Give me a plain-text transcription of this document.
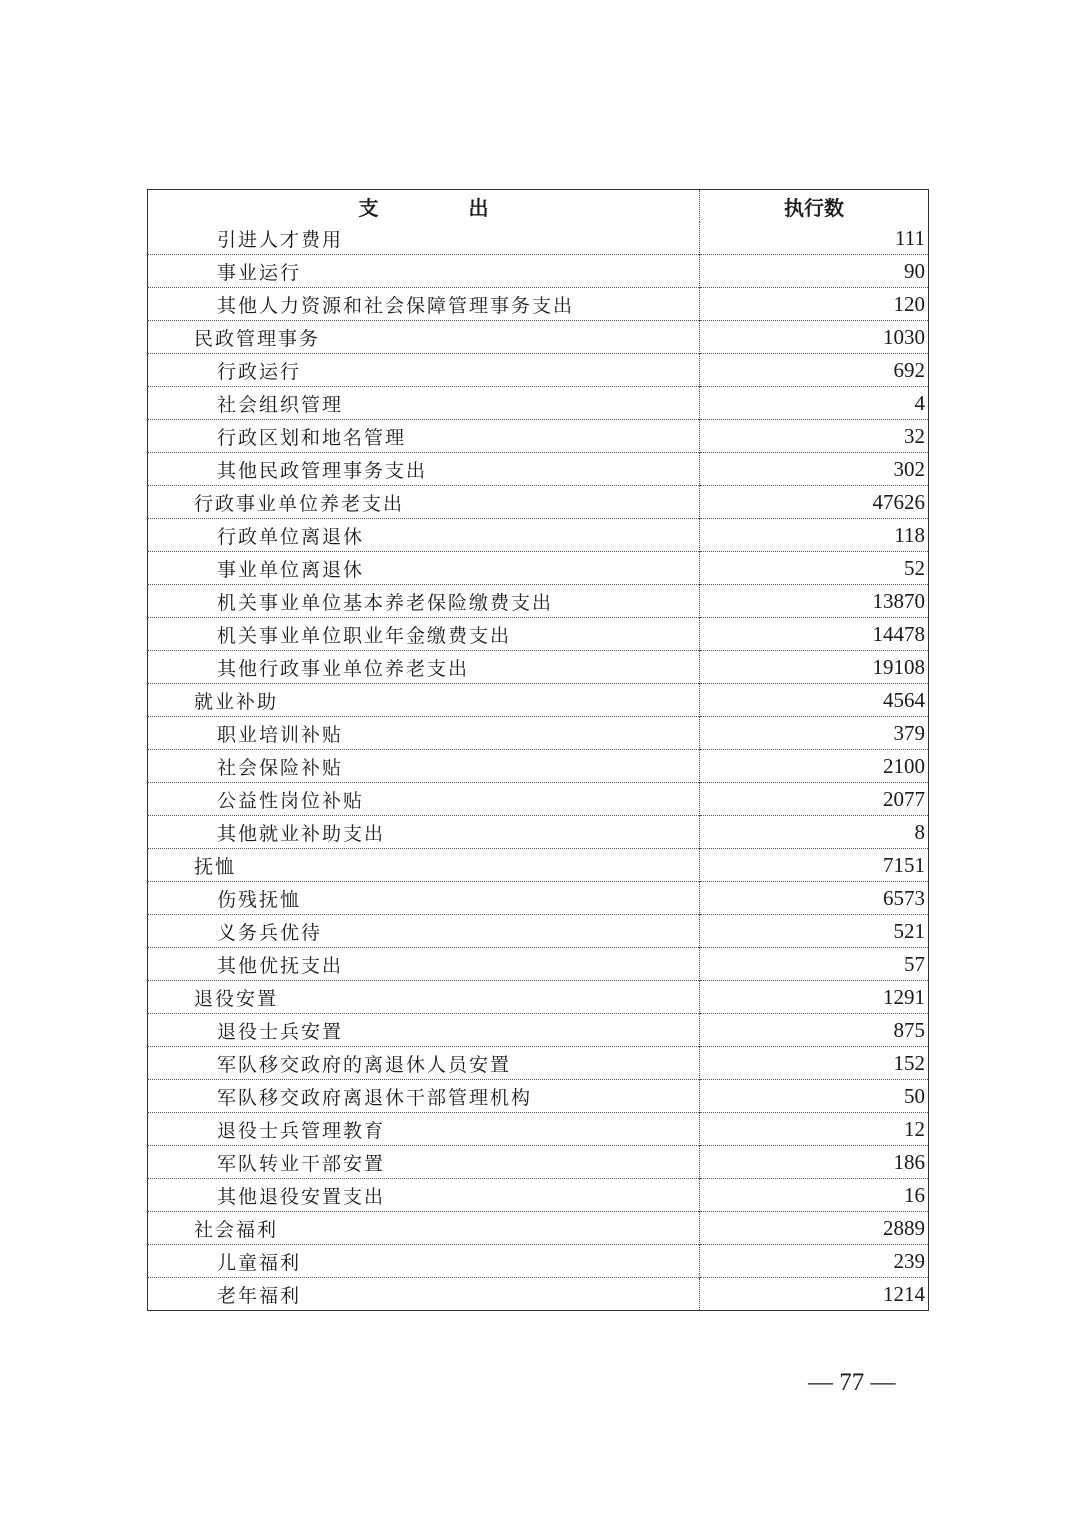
支出	执行数
引进人才费用	111
事业运行	90
其他人力资源和社会保障管理事务支出	120
民政管理事务	1030
行政运行	692
社会组织管理	4
行政区划和地名管理	32
其他民政管理事务支出	302
行政事业单位养老支出	47626
行政单位离退休	118
事业单位离退休	52
机关事业单位基本养老保险缴费支出	13870
机关事业单位职业年金缴费支出	14478
其他行政事业单位养老支出	19108
就业补助	4564
职业培训补贴	379
社会保险补贴	2100
公益性岗位补贴	2077
其他就业补助支出	8
抚恤	7151
伤残抚恤	6573
义务兵优待	521
其他优抚支出	57
退役安置	1291
退役士兵安置	875
军队移交政府的离退休人员安置	152
军队移交政府离退休干部管理机构	50
退役士兵管理教育	12
军队转业干部安置	186
其他退役安置支出	16
社会福利	2889
儿童福利	239
老年福利	1214
— 77 —
